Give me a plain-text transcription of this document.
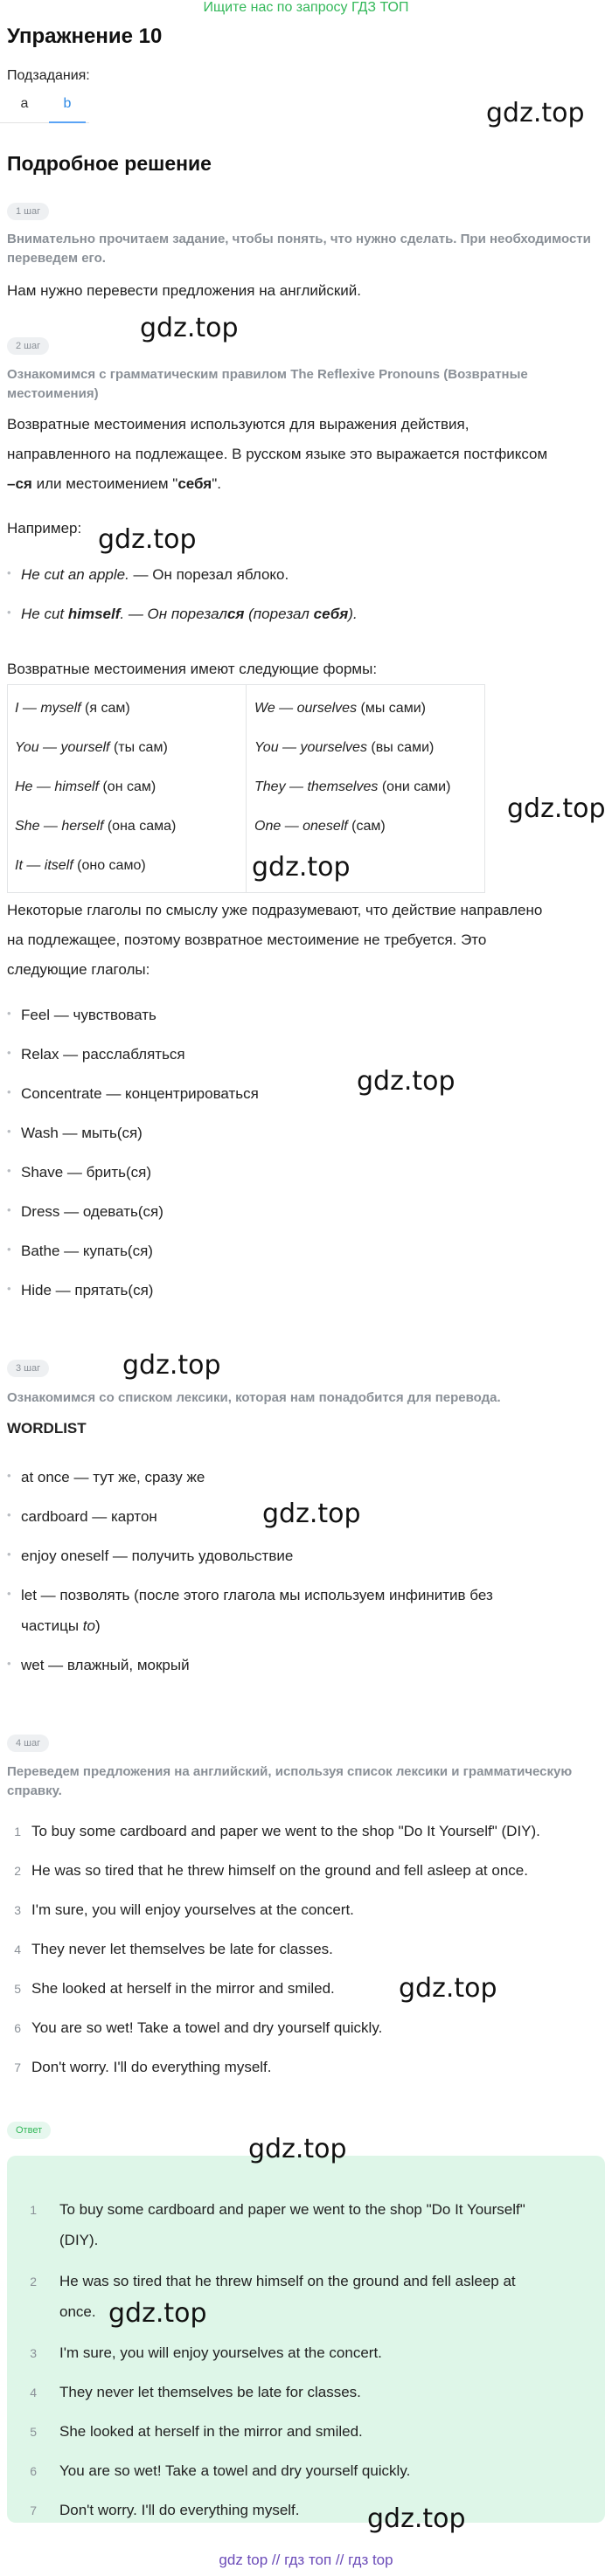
Ищите нас по запросу ГДЗ ТОП
Упражнение 10
Подзадания:
a	b
Подробное решение
1 шаг
Внимательно прочитаем задание, чтобы понять, что нужно сделать. При необходимости переведем его.
Нам нужно перевести предложения на английский.
2 шаг
Ознакомимся с грамматическим правилом The Reflexive Pronouns (Возвратные местоимения)
Возвратные местоимения используются для выражения действия,
направленного на подлежащее. В русском языке это выражается постфиксом
–ся или местоимением "себя".
Например:
• He cut an apple. — Он порезал яблоко.
• He cut himself. — Он порезался (порезал себя).
Возвратные местоимения имеют следующие формы:
I — myself (я сам)	We — ourselves (мы сами)
You — yourself (ты сам)	You — yourselves (вы сами)
He — himself (он сам)	They — themselves (они сами)
She — herself (она сама)	One — oneself (сам)
It — itself (оно само)
Некоторые глаголы по смыслу уже подразумевают, что действие направлено
на подлежащее, поэтому возвратное местоимение не требуется. Это
следующие глаголы:
• Feel — чувствовать
• Relax — расслабляться
• Concentrate — концентрироваться
• Wash — мыть(ся)
• Shave — брить(ся)
• Dress — одевать(ся)
• Bathe — купать(ся)
• Hide — прятать(ся)
3 шаг
Ознакомимся со списком лексики, которая нам понадобится для перевода.
WORDLIST
• at once — тут же, сразу же
• cardboard — картон
• enjoy oneself — получить удовольствие
• let — позволять (после этого глагола мы используем инфинитив без
частицы to)
• wet — влажный, мокрый
4 шаг
Переведем предложения на английский, используя список лексики и грамматическую справку.
1 To buy some cardboard and paper we went to the shop "Do It Yourself" (DIY).
2 He was so tired that he threw himself on the ground and fell asleep at once.
3 I'm sure, you will enjoy yourselves at the concert.
4 They never let themselves be late for classes.
5 She looked at herself in the mirror and smiled.
6 You are so wet! Take a towel and dry yourself quickly.
7 Don't worry. I'll do everything myself.
Ответ
1 To buy some cardboard and paper we went to the shop "Do It Yourself"
(DIY).
2 He was so tired that he threw himself on the ground and fell asleep at
once.
3 I'm sure, you will enjoy yourselves at the concert.
4 They never let themselves be late for classes.
5 She looked at herself in the mirror and smiled.
6 You are so wet! Take a towel and dry yourself quickly.
7 Don't worry. I'll do everything myself.
gdz.top
gdz.top
gdz.top
gdz.top
gdz.top
gdz.top
gdz.top
gdz.top
gdz.top
gdz.top
gdz.top
gdz.top
gdz top // гдз топ // гдз top
